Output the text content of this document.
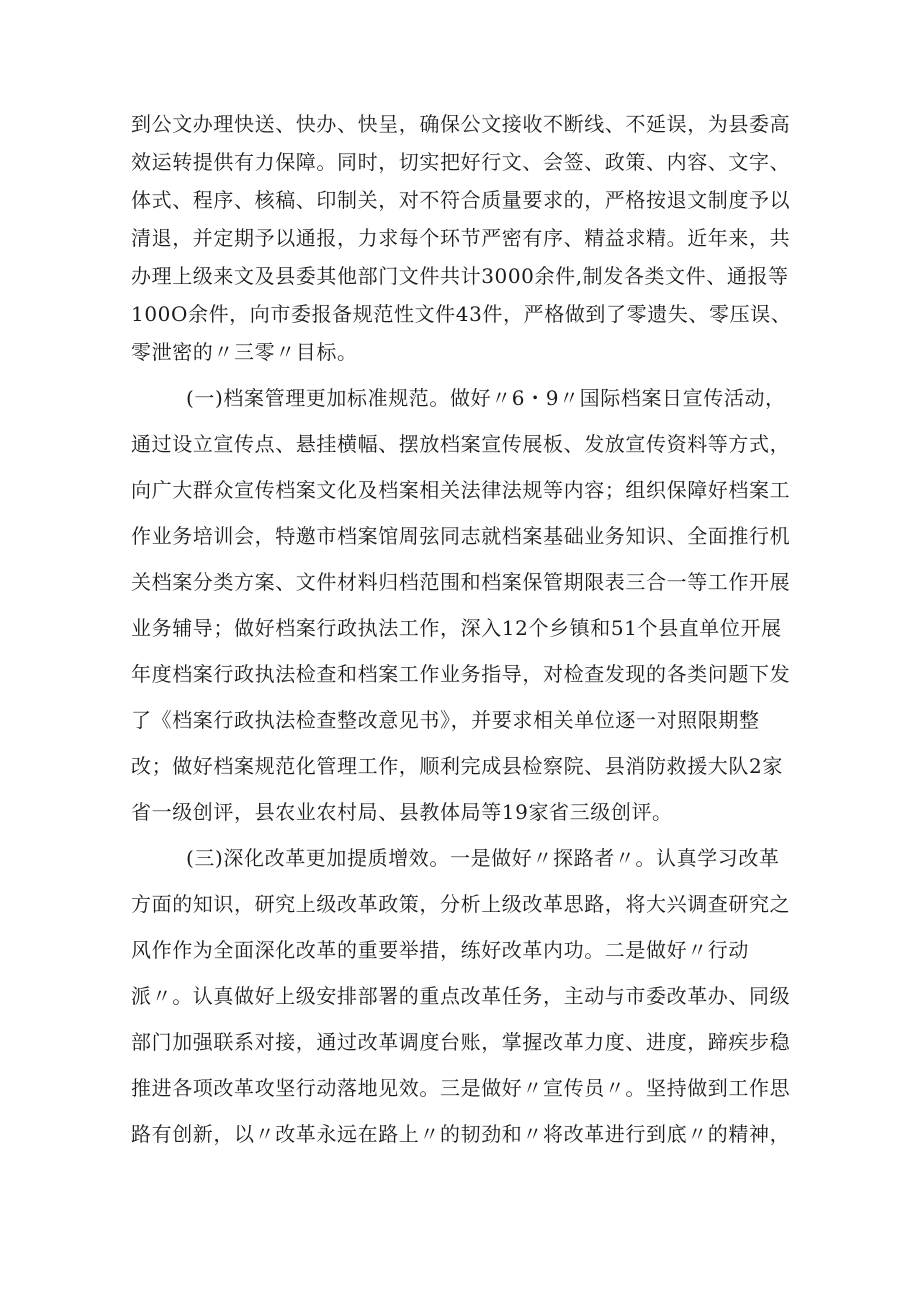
到公文办理快送、快办、快呈，确保公文接收不断线、不延误，为县委高
效运转提供有力保障。同时，切实把好行文、会签、政策、内容、文字、
体式、程序、核稿、印制关，对不符合质量要求的，严格按退文制度予以
清退，并定期予以通报，力求每个环节严密有序、精益求精。近年来，共
办理上级来文及县委其他部门文件共计3000余件,制发各类文件、通报等
100O余件，向市委报备规范性文件43件，严格做到了零遗失、零压误、
零泄密的〃三零〃目标。
(一)档案管理更加标准规范。做好〃6・9〃国际档案日宣传活动，
通过设立宣传点、悬挂横幅、摆放档案宣传展板、发放宣传资料等方式，
向广大群众宣传档案文化及档案相关法律法规等内容；组织保障好档案工
作业务培训会，特邀市档案馆周弦同志就档案基础业务知识、全面推行机
关档案分类方案、文件材料归档范围和档案保管期限表三合一等工作开展
业务辅导；做好档案行政执法工作，深入12个乡镇和51个县直单位开展
年度档案行政执法检查和档案工作业务指导，对检查发现的各类问题下发
了《档案行政执法检查整改意见书》，并要求相关单位逐一对照限期整
改；做好档案规范化管理工作，顺利完成县检察院、县消防救援大队2家
省一级创评，县农业农村局、县教体局等19家省三级创评。
(三)深化改革更加提质增效。一是做好〃探路者〃。认真学习改革
方面的知识，研究上级改革政策，分析上级改革思路，将大兴调查研究之
风作作为全面深化改革的重要举措，练好改革内功。二是做好〃行动
派〃。认真做好上级安排部署的重点改革任务，主动与市委改革办、同级
部门加强联系对接，通过改革调度台账，掌握改革力度、进度，蹄疾步稳
推进各项改革攻坚行动落地见效。三是做好〃宣传员〃。坚持做到工作思
路有创新，以〃改革永远在路上〃的韧劲和〃将改革进行到底〃的精神，
